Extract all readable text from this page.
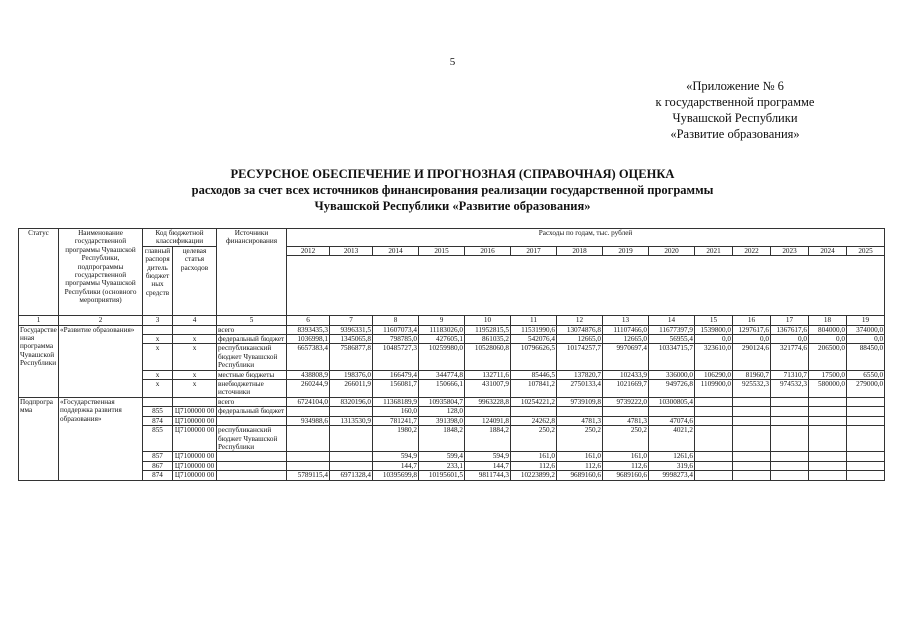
5
«Приложение № 6
к государственной программе
Чувашской Республики
«Развитие образования»
РЕСУРСНОЕ ОБЕСПЕЧЕНИЕ И ПРОГНОЗНАЯ (СПРАВОЧНАЯ) ОЦЕНКА
расходов за счет всех источников финансирования реализации государственной программы
Чувашской Республики «Развитие образования»
Статус	Наименование государственной программы Чувашской Республики, подпрограммы государственной программы Чувашской Республики (основного мероприятия)	Код бюджетной классификации		Источники финансирования	Расходы по годам, тыс. рублей													
		главный распорядитель бюджетных средств	целевая статья расходов		2012	2013	2014	2015	2016	2017	2018	2019	2020	2021	2022	2023	2024	2025

1	2	3	4	5	6	7	8	9	10	11	12	13	14	15	16	17	18	19
Государственная программа Чувашской Республики	«Развитие образования»			всего	8393435,3	9396331,5	11607073,4	11183026,0	11952815,5	11531990,6	13074876,8	11107466,0	11677397,9	1539800,0	1297617,6	1367617,6	804000,0	374000,0
		x	x	федеральный бюджет	1036998,1	1345065,8	798785,0	427605,1	861035,2	542076,4	12665,0	12665,0	56955,4	0,0	0,0	0,0	0,0	0,0
		x	x	республиканский бюджет Чувашской Республики	6657383,4	7586877,8	10485727,3	10259980,0	10528060,8	10796626,5	10174257,7	9970697,4	10334715,7	323610,0	290124,6	321774,6	206500,0	88450,0
		x	x	местные бюджеты	438808,9	198376,0	166479,4	344774,8	132711,6	85446,5	137820,7	102433,9	336000,0	106290,0	81960,7	71310,7	17500,0	6550,0
		x	x	внебюджетные источники	260244,9	266011,9	156081,7	150666,1	431007,9	107841,2	2750133,4	1021669,7	949726,8	1109900,0	925532,3	974532,3	580000,0	279000,0
Подпрограмма	«Государственная поддержка развития образования»			всего	6724104,0	8320196,0	11368189,9	10935804,7	9963228,8	10254221,2	9739109,8	9739222,0	10300805,4					
		855	Ц7100000 00	федеральный бюджет			160,0	128,0										
		874	Ц7100000 00		934988,6	1313530,9	781241,7	391398,0	124091,8	24262,8	4781,3	4781,3	47074,6					
		855	Ц7100000 00	республиканский бюджет Чувашской Республики			1980,2	1848,2	1884,2	250,2	250,2	250,2	4021,2					
		857	Ц7100000 00				594,9	599,4	594,9	161,0	161,0	161,0	1261,6					
		867	Ц7100000 00				144,7	233,1	144,7	112,6	112,6	112,6	319,6					
		874	Ц7100000 00		5789115,4	6971328,4	10395699,8	10195601,5	9811744,3	10223899,2	9689160,6	9689160,6	9998273,4					
